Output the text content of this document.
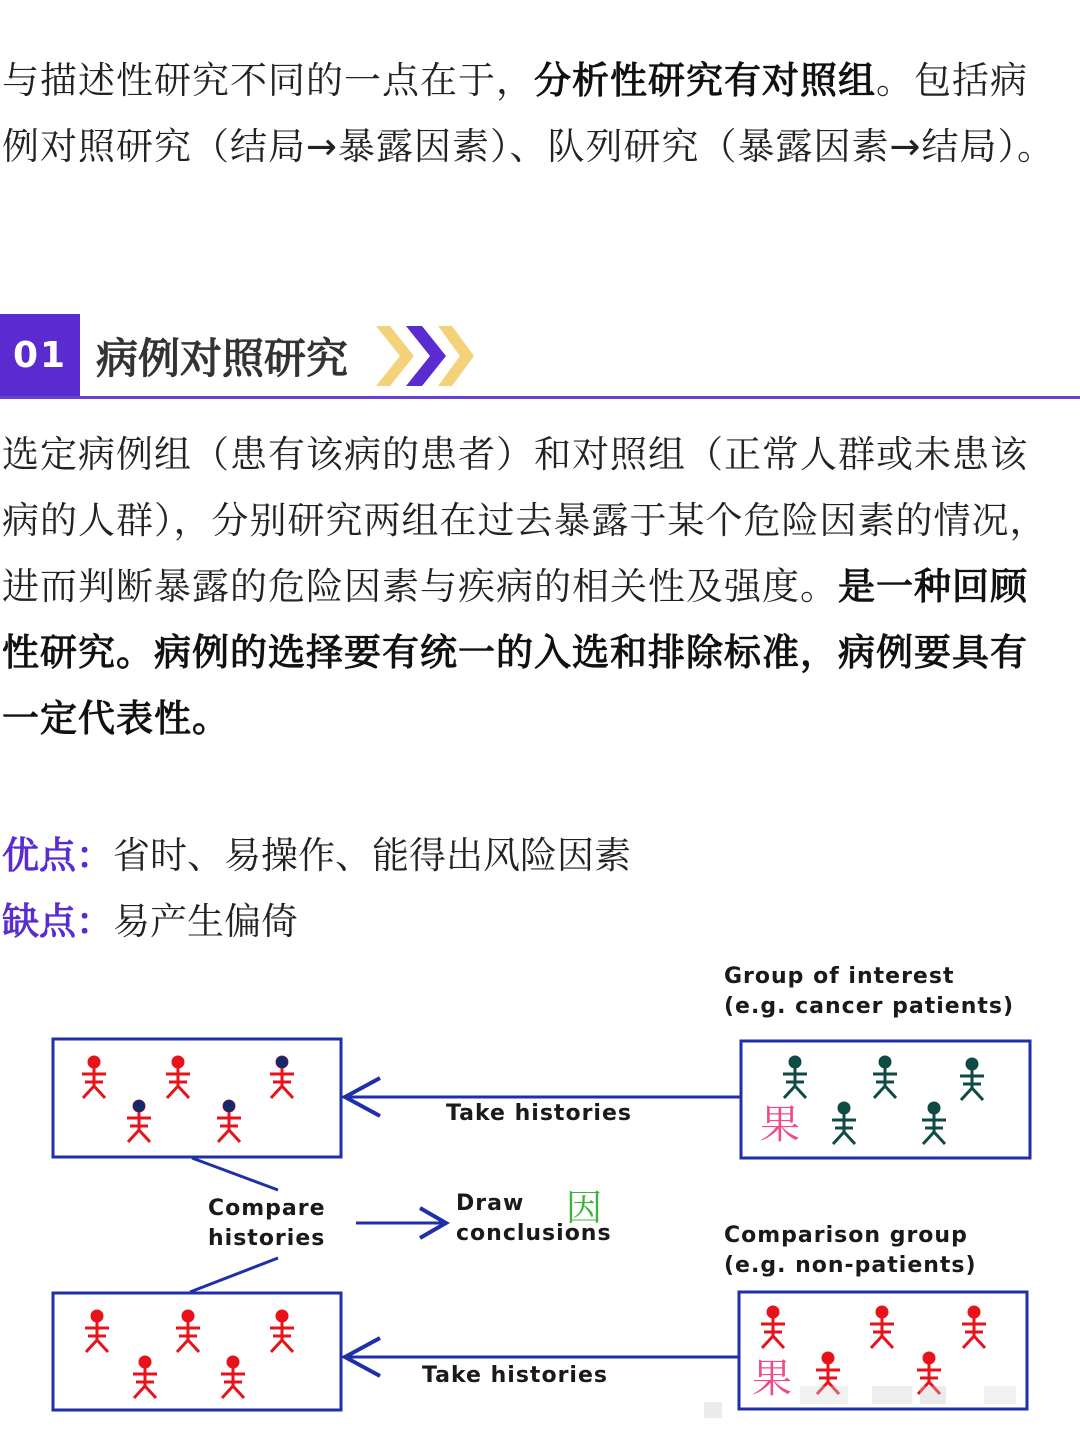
与描述性研究不同的一点在于，分析性研究有对照组。包括病例对照研究（结局→暴露因素）、队列研究（暴露因素→结局）。

01 病例对照研究

选定病例组（患有该病的患者）和对照组（正常人群或未患该病的人群），分别研究两组在过去暴露于某个危险因素的情况，进而判断暴露的危险因素与疾病的相关性及强度。是一种回顾性研究。病例的选择要有统一的入选和排除标准，病例要具有一定代表性。

优点：省时、易操作、能得出风险因素
缺点：易产生偏倚
Group of interest
(e.g. cancer patients)
果
Take histories
Compare
histories
Draw
conclusions
因
Comparison group
(e.g. non-patients)
果
Take histories
